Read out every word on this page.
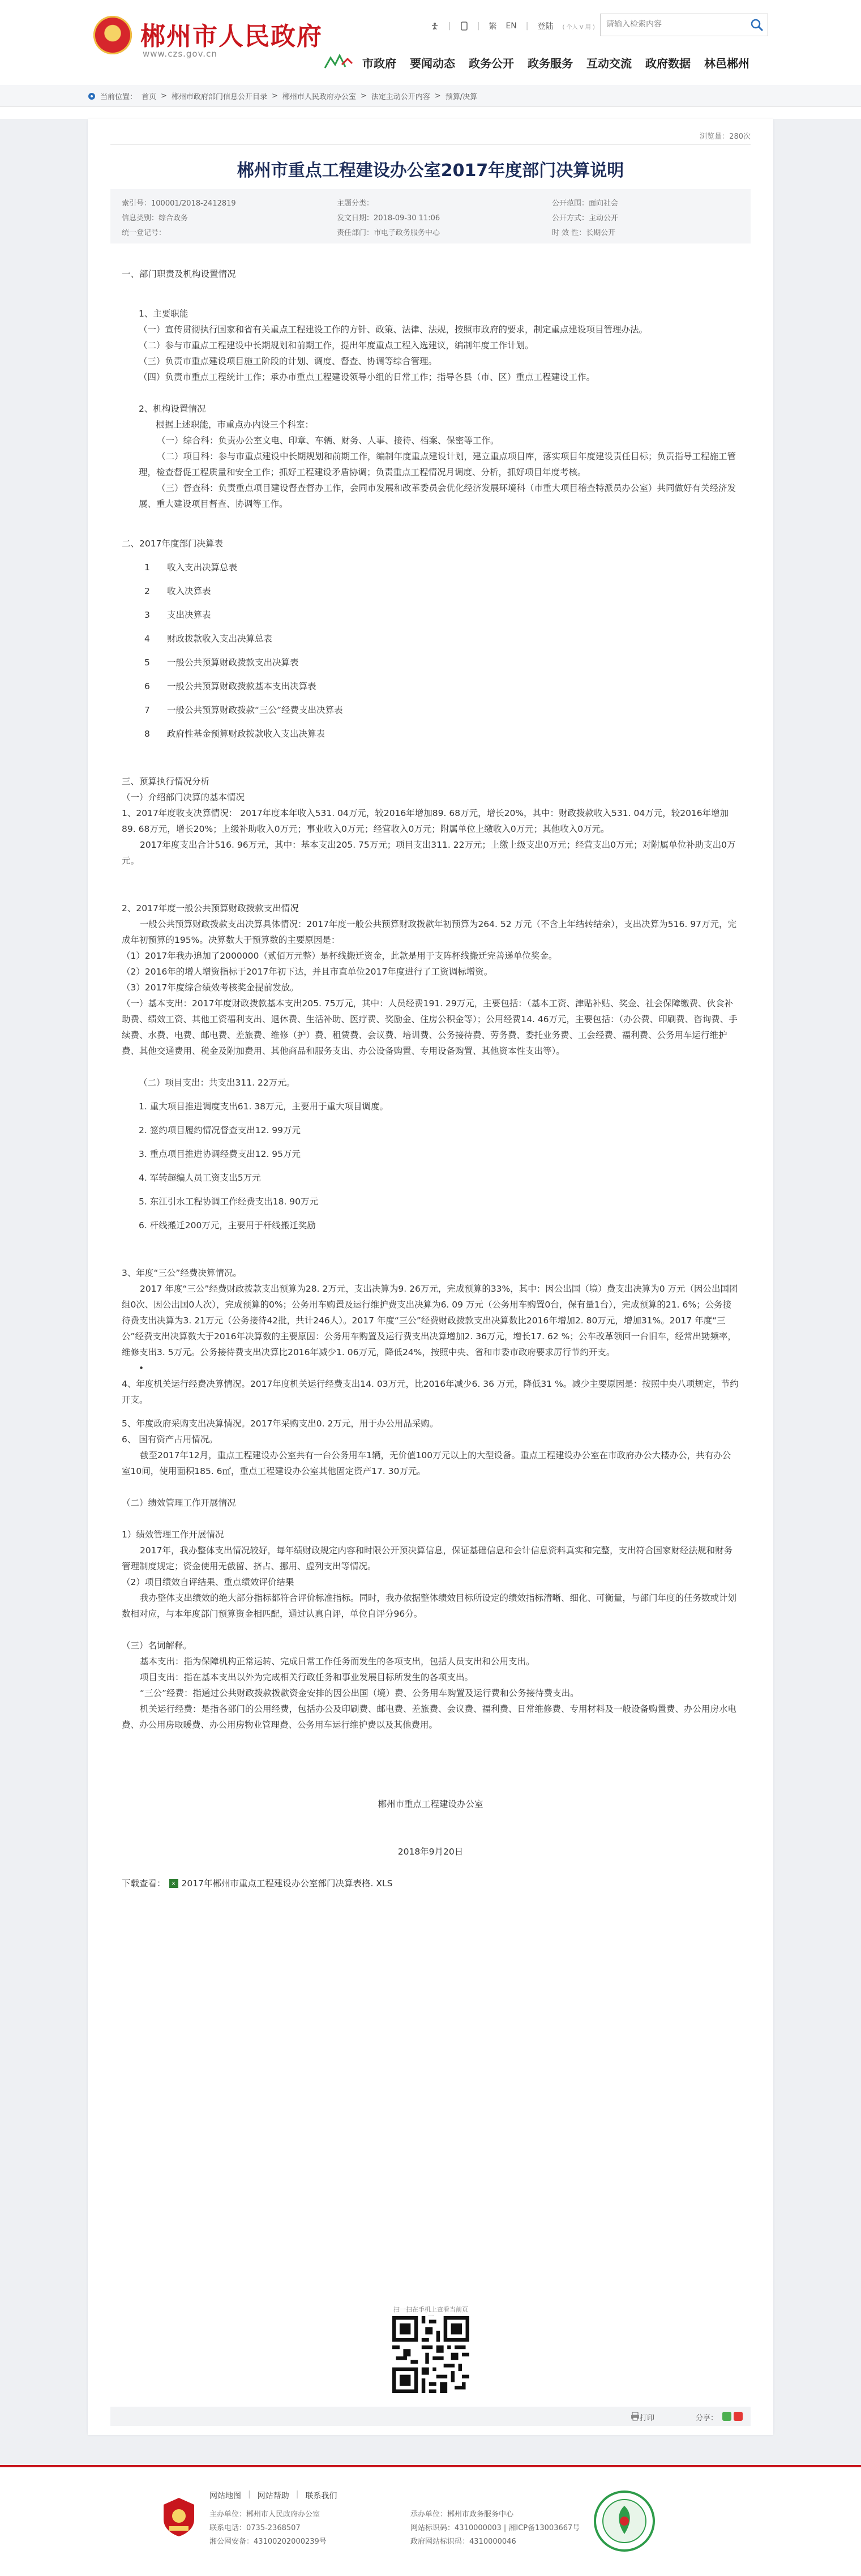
郴州市人民政府
www.czs.gov.cn
|	| 繁 EN | 登陆 ( 个人 V 用 )
请输入检索内容
市政府 要闻动态 政务公开 政务服务 互动交流 政府数据 林邑郴州
当前位置： 首页 > 郴州市政府部门信息公开目录 > 郴州市人民政府办公室 > 法定主动公开内容 > 预算/决算
浏览量：280次
郴州市重点工程建设办公室2017年度部门决算说明
索引号：100001/2018-2412819
信息类别：综合政务
统一登记号：
主题分类：
发文日期：2018-09-30 11:06
责任部门：市电子政务服务中心
公开范围：面向社会
公开方式：主动公开
时 效 性：长期公开

一、部门职责及机构设置情况

1、主要职能

（一）宣传贯彻执行国家和省有关重点工程建设工作的方针、政策、法律、法规，按照市政府的要求，制定重点建设项目管理办法。

（二）参与市重点工程建设中长期规划和前期工作，提出年度重点工程入选建议，编制年度工作计划。

（三）负责市重点建设项目施工阶段的计划、调度、督查、协调等综合管理。

（四）负责市重点工程统计工作；承办市重点工程建设领导小组的日常工作；指导各县（市、区）重点工程建设工作。

2、机构设置情况

根据上述职能，市重点办内设三个科室：

（一）综合科：负责办公室文电、印章、车辆、财务、人事、接待、档案、保密等工作。

（二）项目科：参与市重点建设中长期规划和前期工作，编制年度重点建设计划，建立重点项目库，落实项目年度建设责任目标；负责指导工程施工管理，检查督促工程质量和安全工作；抓好工程建设矛盾协调；负责重点工程情况月调度、分析，抓好项目年度考核。

（三）督查科：负责重点项目建设督查督办工作，会同市发展和改革委员会优化经济发展环境科（市重大项目稽查特派员办公室）共同做好有关经济发展、重大建设项目督查、协调等工作。

二、2017年度部门决算表

1	收入支出决算总表
2	收入决算表
3	支出决算表
4	财政拨款收入支出决算总表
5	一般公共预算财政拨款支出决算表
6	一般公共预算财政拨款基本支出决算表
7	一般公共预算财政拨款“三公”经费支出决算表
8	政府性基金预算财政拨款收入支出决算表

三、预算执行情况分析

（一）介绍部门决算的基本情况

1、2017年度收支决算情况： 2017年度本年收入531. 04万元，较2016年增加89. 68万元，增长20%，其中：财政拨款收入531. 04万元，较2016年增加89. 68万元，增长20%；上级补助收入0万元；事业收入0万元；经营收入0万元；附属单位上缴收入0万元；其他收入0万元。

2017年度支出合计516. 96万元，其中：基本支出205. 75万元；项目支出311. 22万元；上缴上级支出0万元；经营支出0万元；对附属单位补助支出0万元。

2、2017年度一般公共预算财政拨款支出情况

一般公共预算财政拨款支出决算具体情况：2017年度一般公共预算财政拨款年初预算为264. 52 万元（不含上年结转结余），支出决算为516. 97万元，完成年初预算的195%。决算数大于预算数的主要原因是：

（1）2017年我办追加了2000000（贰佰万元整）是杯线搬迁资金，此款是用于支阵杯线搬迁完善递单位奖金。

（2）2016年的增人增资指标于2017年初下达，并且市直单位2017年度进行了工资调标增资。

（3）2017年度综合绩效考核奖金提前发放。

（一）基本支出：2017年度财政拨款基本支出205. 75万元，其中：人员经费191. 29万元，主要包括：（基本工资、津贴补贴、奖金、社会保障缴费、伙食补助费、绩效工资、其他工资福利支出、退休费、生活补助、医疗费、奖励金、住房公积金等）；公用经费14. 46万元，主要包括：（办公费、印刷费、咨询费、手续费、水费、电费、邮电费、差旅费、维修（护）费、租赁费、会议费、培训费、公务接待费、劳务费、委托业务费、工会经费、福利费、公务用车运行维护费、其他交通费用、税金及附加费用、其他商品和服务支出、办公设备购置、专用设备购置、其他资本性支出等）。

（二）项目支出：共支出311. 22万元。

1. 重大项目推进调度支出61. 38万元，主要用于重大项目调度。

2. 签约项目履约情况督查支出12. 99万元

3. 重点项目推进协调经费支出12. 95万元

4. 军转超编人员工资支出5万元

5. 东江引水工程协调工作经费支出18. 90万元

6. 杆线搬迁200万元，主要用于杆线搬迁奖励

3、年度“三公”经费决算情况。

2017 年度“三公”经费财政拨款支出预算为28. 2万元，支出决算为9. 26万元，完成预算的33%，其中：因公出国（境）费支出决算为0 万元（因公出国团组0次、因公出国0人次），完成预算的0%；公务用车购置及运行维护费支出决算为6. 09 万元（公务用车购置0台，保有量1台），完成预算的21. 6%；公务接待费支出决算为3. 21万元（公务接待42批，共计246人）。2017 年度“三公”经费财政拨款支出决算数比2016年增加2. 80万元，增加31%。2017 年度“三公”经费支出决算数大于2016年决算数的主要原因：公务用车购置及运行费支出决算增加2. 36万元，增长17. 62 %；公车改革领回一台旧车，经常出勤频率，维修支出3. 5万元。公务接待费支出决算比2016年减少1. 06万元，降低24%，按照中央、省和市委市政府要求厉行节约开支。

•

4、年度机关运行经费决算情况。2017年度机关运行经费支出14. 03万元，比2016年减少6. 36 万元，降低31 %。减少主要原因是：按照中央八项规定，节约开支。

5、年度政府采购支出决算情况。2017年采购支出0. 2万元，用于办公用品采购。

6、 国有资产占用情况。

截至2017年12月，重点工程建设办公室共有一台公务用车1辆，无价值100万元以上的大型设备。重点工程建设办公室在市政府办公大楼办公，共有办公室10间，使用面积185. 6㎡，重点工程建设办公室其他固定资产17. 30万元。

（二）绩效管理工作开展情况

1）绩效管理工作开展情况

2017年，我办整体支出情况较好，每年绩财政规定内容和时限公开预决算信息，保证基础信息和会计信息资料真实和完整，支出符合国家财经法规和财务管理制度规定；资金使用无截留、挤占、挪用、虚列支出等情况。

（2）项目绩效自评结果、重点绩效评价结果

我办整体支出绩效的绝大部分指标都符合评价标准指标。同时，我办依据整体绩效目标所设定的绩效指标清晰、细化、可衡量，与部门年度的任务数或计划数相对应，与本年度部门预算资金相匹配，通过认真自评，单位自评分96分。

（三）名词解释。

基本支出：指为保障机构正常运转、完成日常工作任务而发生的各项支出，包括人员支出和公用支出。

项目支出：指在基本支出以外为完成相关行政任务和事业发展目标所发生的各项支出。

“三公”经费：指通过公共财政拨款拨款资金安排的因公出国（境）费、公务用车购置及运行费和公务接待费支出。

机关运行经费：是指各部门的公用经费，包括办公及印刷费、邮电费、差旅费、会议费、福利费、日常维修费、专用材料及一般设备购置费、办公用房水电费、办公用房取暖费、办公用房物业管理费、公务用车运行维护费以及其他费用。

郴州市重点工程建设办公室

2018年9月20日

下载查看： x 2017年郴州市重点工程建设办公室部门决算表格. XLS
扫一扫在手机上查看当前页
打印	分享：
网站地图 | 网站帮助 | 联系我们
主办单位：郴州市人民政府办公室
联系电话：0735-2368507
湘公网安备：43100202000239号
承办单位：郴州市政务服务中心
网站标识码：4310000003 | 湘ICP备13003667号
政府网站标识码：4310000046
